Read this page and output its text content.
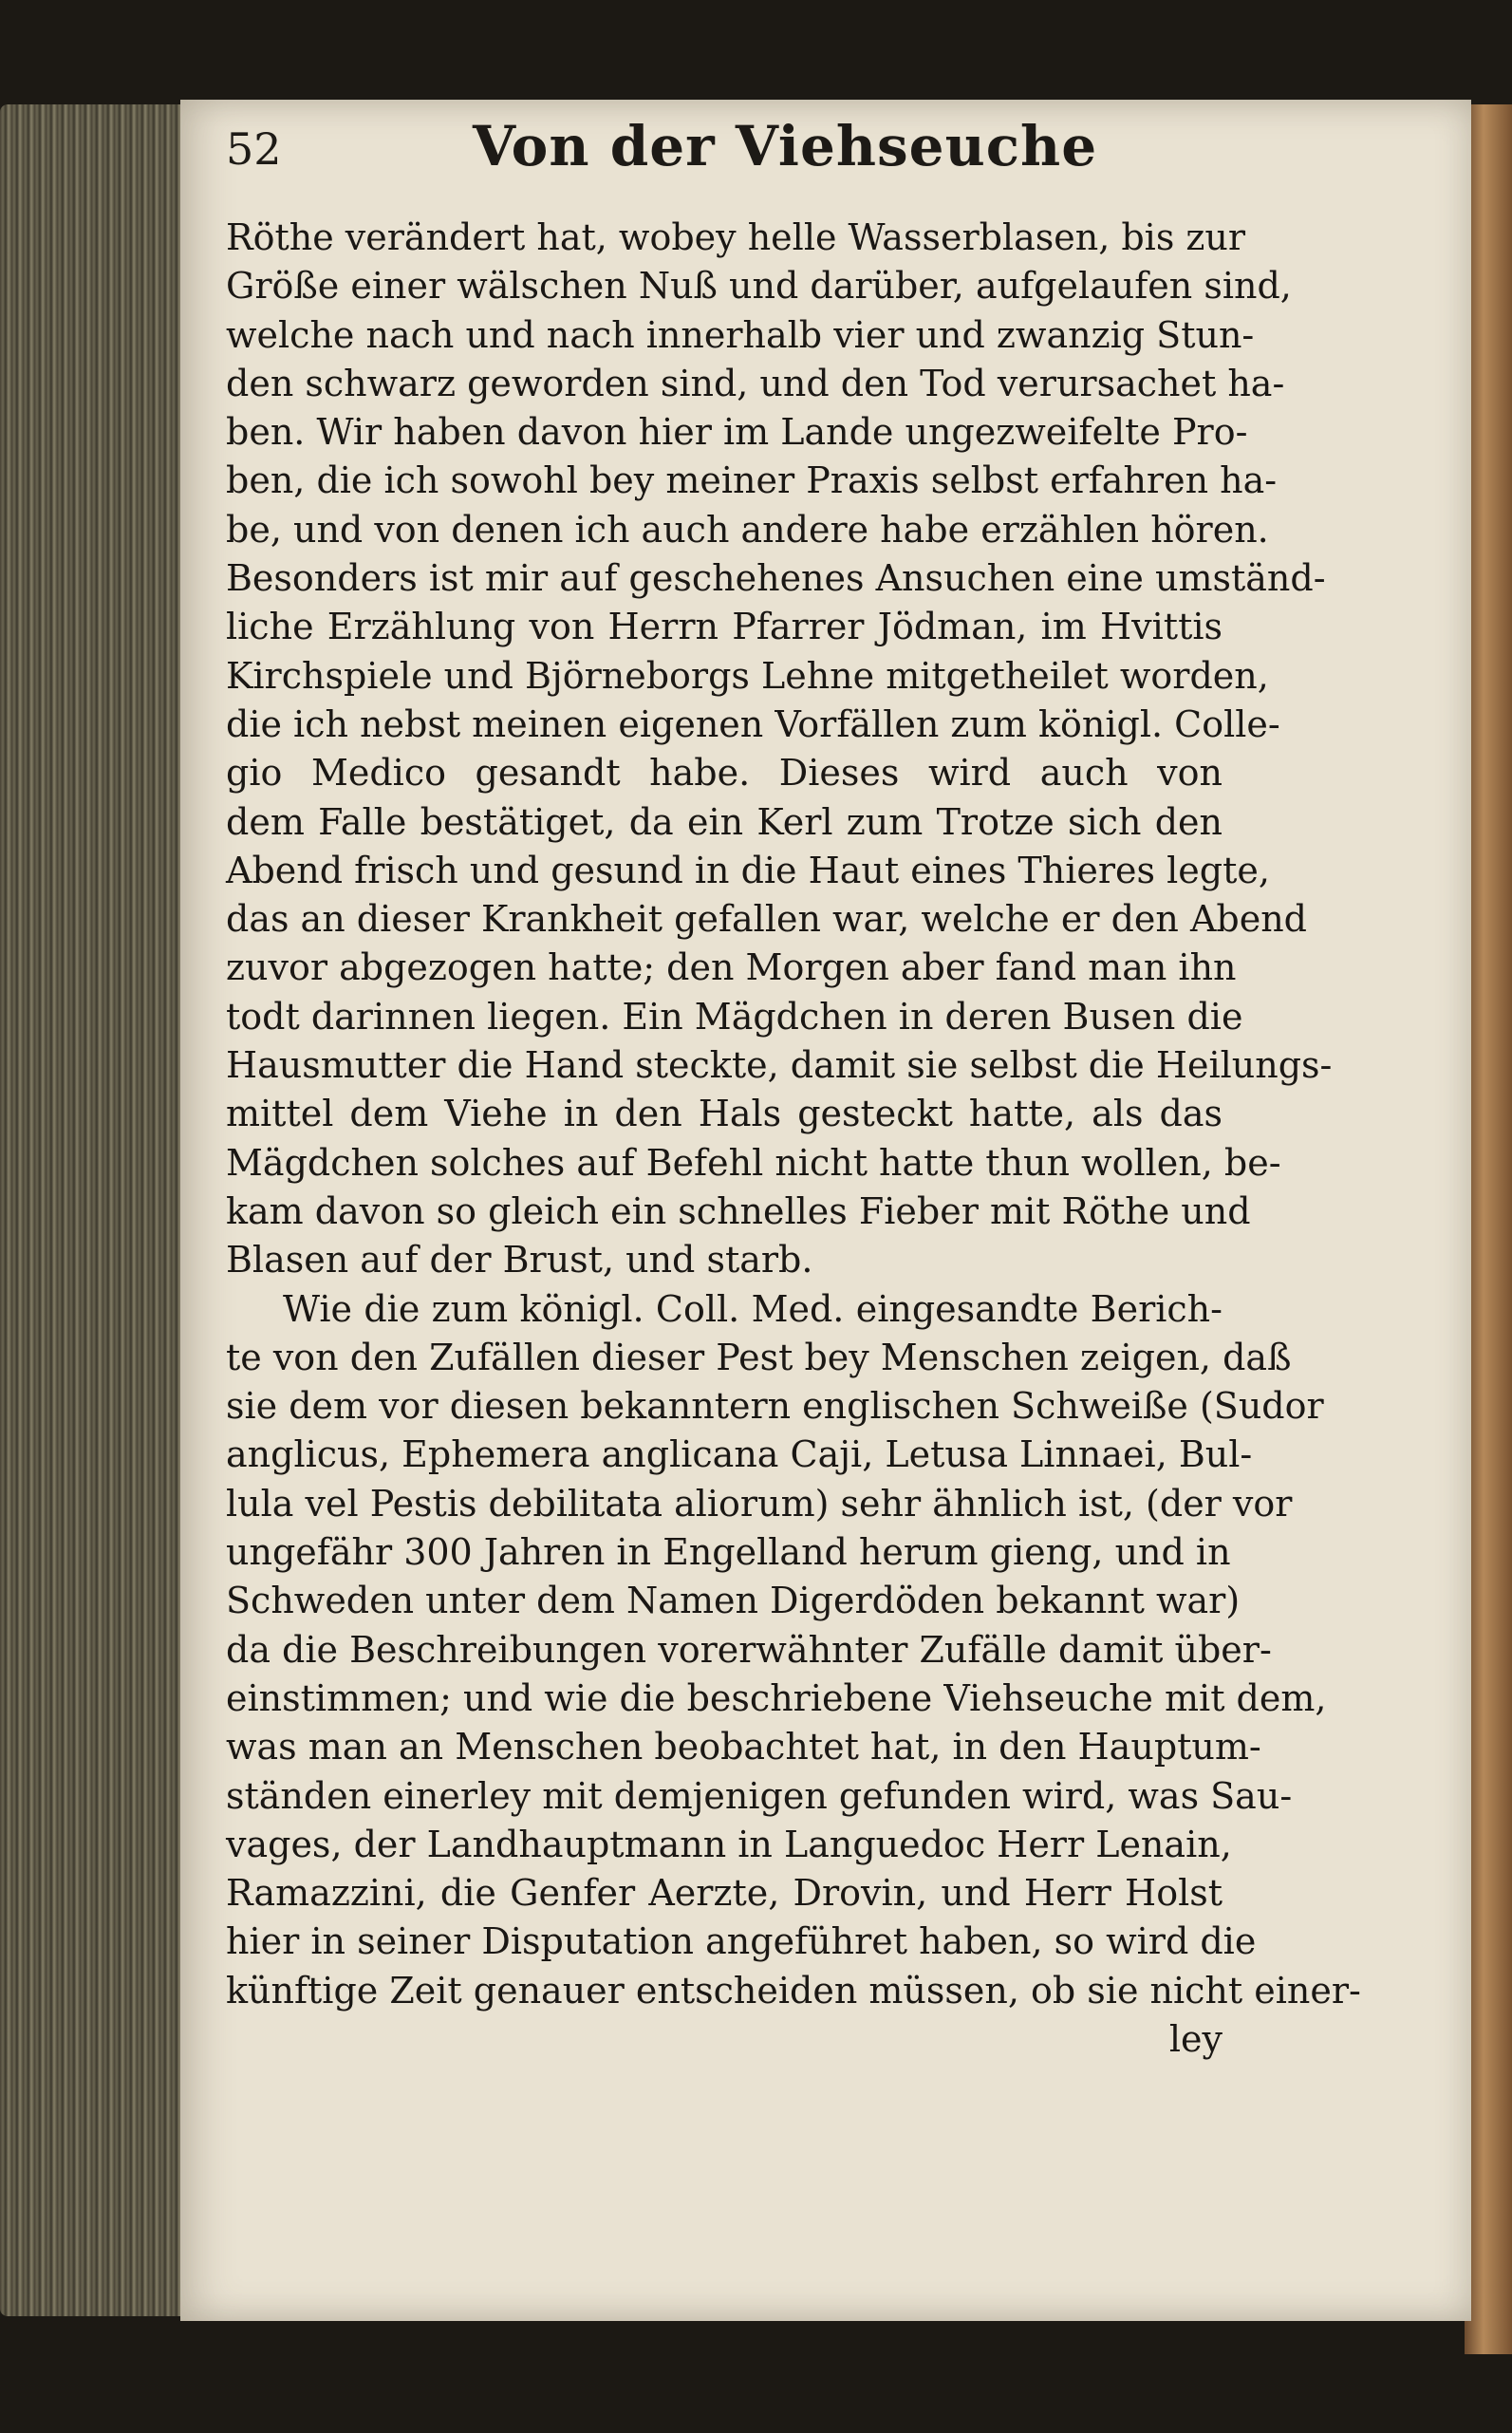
52	Von der Viehseuche
Röthe verändert hat, wobey helle Wasserblasen, bis zur
Größe einer wälschen Nuß und darüber, aufgelaufen sind,
welche nach und nach innerhalb vier und zwanzig Stun-
den schwarz geworden sind, und den Tod verursachet ha-
ben. Wir haben davon hier im Lande ungezweifelte Pro-
ben, die ich sowohl bey meiner Praxis selbst erfahren ha-
be, und von denen ich auch andere habe erzählen hören.
Besonders ist mir auf geschehenes Ansuchen eine umständ-
liche Erzählung von Herrn Pfarrer Jödman, im Hvittis
Kirchspiele und Björneborgs Lehne mitgetheilet worden,
die ich nebst meinen eigenen Vorfällen zum königl. Colle-
gio Medico gesandt habe. Dieses wird auch von
dem Falle bestätiget, da ein Kerl zum Trotze sich den
Abend frisch und gesund in die Haut eines Thieres legte,
das an dieser Krankheit gefallen war, welche er den Abend
zuvor abgezogen hatte; den Morgen aber fand man ihn
todt darinnen liegen. Ein Mägdchen in deren Busen die
Hausmutter die Hand steckte, damit sie selbst die Heilungs-
mittel dem Viehe in den Hals gesteckt hatte, als das
Mägdchen solches auf Befehl nicht hatte thun wollen, be-
kam davon so gleich ein schnelles Fieber mit Röthe und
Blasen auf der Brust, und starb.
Wie die zum königl. Coll. Med. eingesandte Berich-
te von den Zufällen dieser Pest bey Menschen zeigen, daß
sie dem vor diesen bekanntern englischen Schweiße (Sudor
anglicus, Ephemera anglicana Caji, Letusa Linnaei, Bul-
lula vel Pestis debilitata aliorum) sehr ähnlich ist, (der vor
ungefähr 300 Jahren in Engelland herum gieng, und in
Schweden unter dem Namen Digerdöden bekannt war)
da die Beschreibungen vorerwähnter Zufälle damit über-
einstimmen; und wie die beschriebene Viehseuche mit dem,
was man an Menschen beobachtet hat, in den Hauptum-
ständen einerley mit demjenigen gefunden wird, was Sau-
vages, der Landhauptmann in Languedoc Herr Lenain,
Ramazzini, die Genfer Aerzte, Drovin, und Herr Holst
hier in seiner Disputation angeführet haben, so wird die
künftige Zeit genauer entscheiden müssen, ob sie nicht einer-
ley
